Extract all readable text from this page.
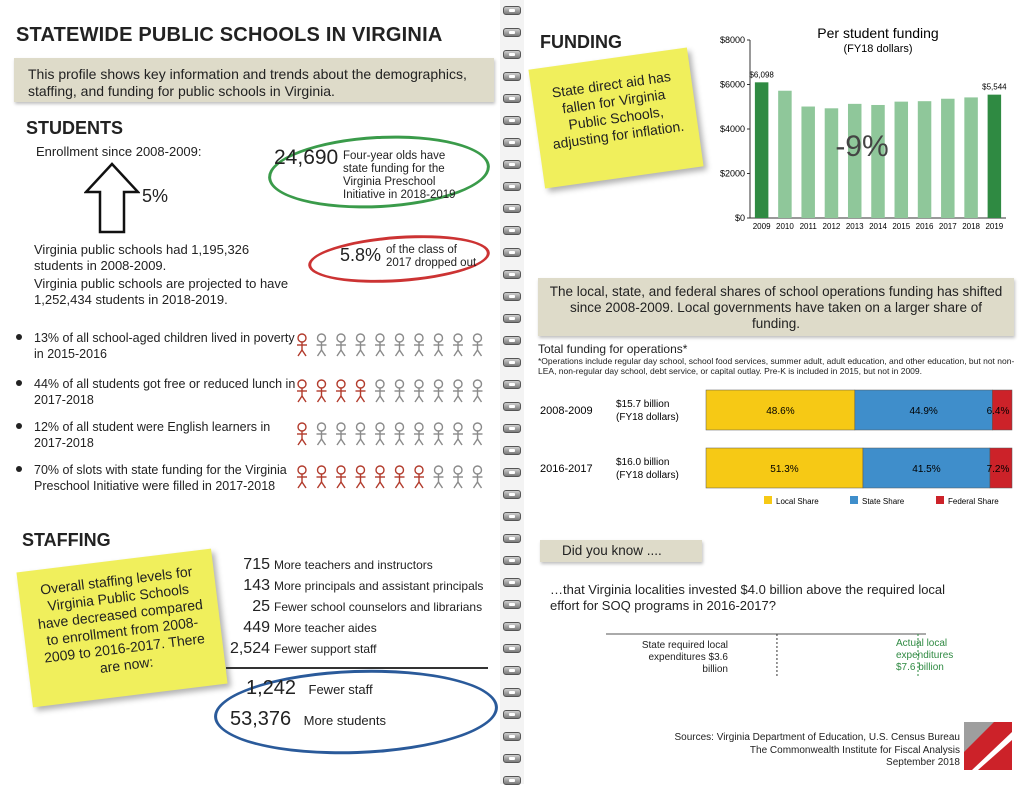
STATEWIDE PUBLIC SCHOOLS IN VIRGINIA
This profile shows key information and trends about the demographics, staffing, and funding for public schools in Virginia.
STUDENTS
Enrollment since 2008-2009:
5%
24,690 Four-year olds have state funding for the Virginia Preschool Initiative in 2018-2019
5.8% of the class of 2017 dropped out
Virginia public schools had 1,195,326 students in 2008-2009.
Virginia public schools are projected to have 1,252,434 students in 2018-2019.
13% of all school-aged children lived in poverty in 2015-2016
44% of all students got free or reduced lunch in 2017-2018
12% of all student were English learners in 2017-2018
70% of slots with state funding for the Virginia Preschool Initiative were filled in 2017-2018
STAFFING
Overall staffing levels for Virginia Public Schools have decreased compared to enrollment from 2008-2009 to 2016-2017. There are now:
715 More teachers and instructors
143 More principals and assistant principals
25 Fewer school counselors and librarians
449 More teacher aides
2,524 Fewer support staff
1,242 Fewer staff
53,376 More students
FUNDING
State direct aid has fallen for Virginia Public Schools, adjusting for inflation.
Per student funding
(FY18 dollars)
$0
$2000
$4000
$6000
$8000
2009 2010 2011 2012 2013 2014 2015 2016 2017 2018 2019
$6,098
$5,544
-9%
The local, state, and federal shares of school operations funding has shifted since 2008-2009. Local governments have taken on a larger share of funding.
Total funding for operations*
*Operations include regular day school, school food services, summer adult, adult education, and other education, but not non-LEA, non-regular day school, debt service, or capital outlay. Pre-K is included in 2015, but not in 2009.
2008-2009
$15.7 billion
(FY18 dollars)
48.6%	44.9%	6.4%
2016-2017
$16.0 billion
(FY18 dollars)
51.3%	41.5%	7.2%
Local Share	State Share	Federal Share
Did you know ....
…that Virginia localities invested $4.0 billion above the required local effort for SOQ programs in 2016-2017?
State required local expenditures $3.6 billion
Actual local expenditures $7.6 billion
Sources: Virginia Department of Education, U.S. Census Bureau
The Commonwealth Institute for Fiscal Analysis
September 2018
